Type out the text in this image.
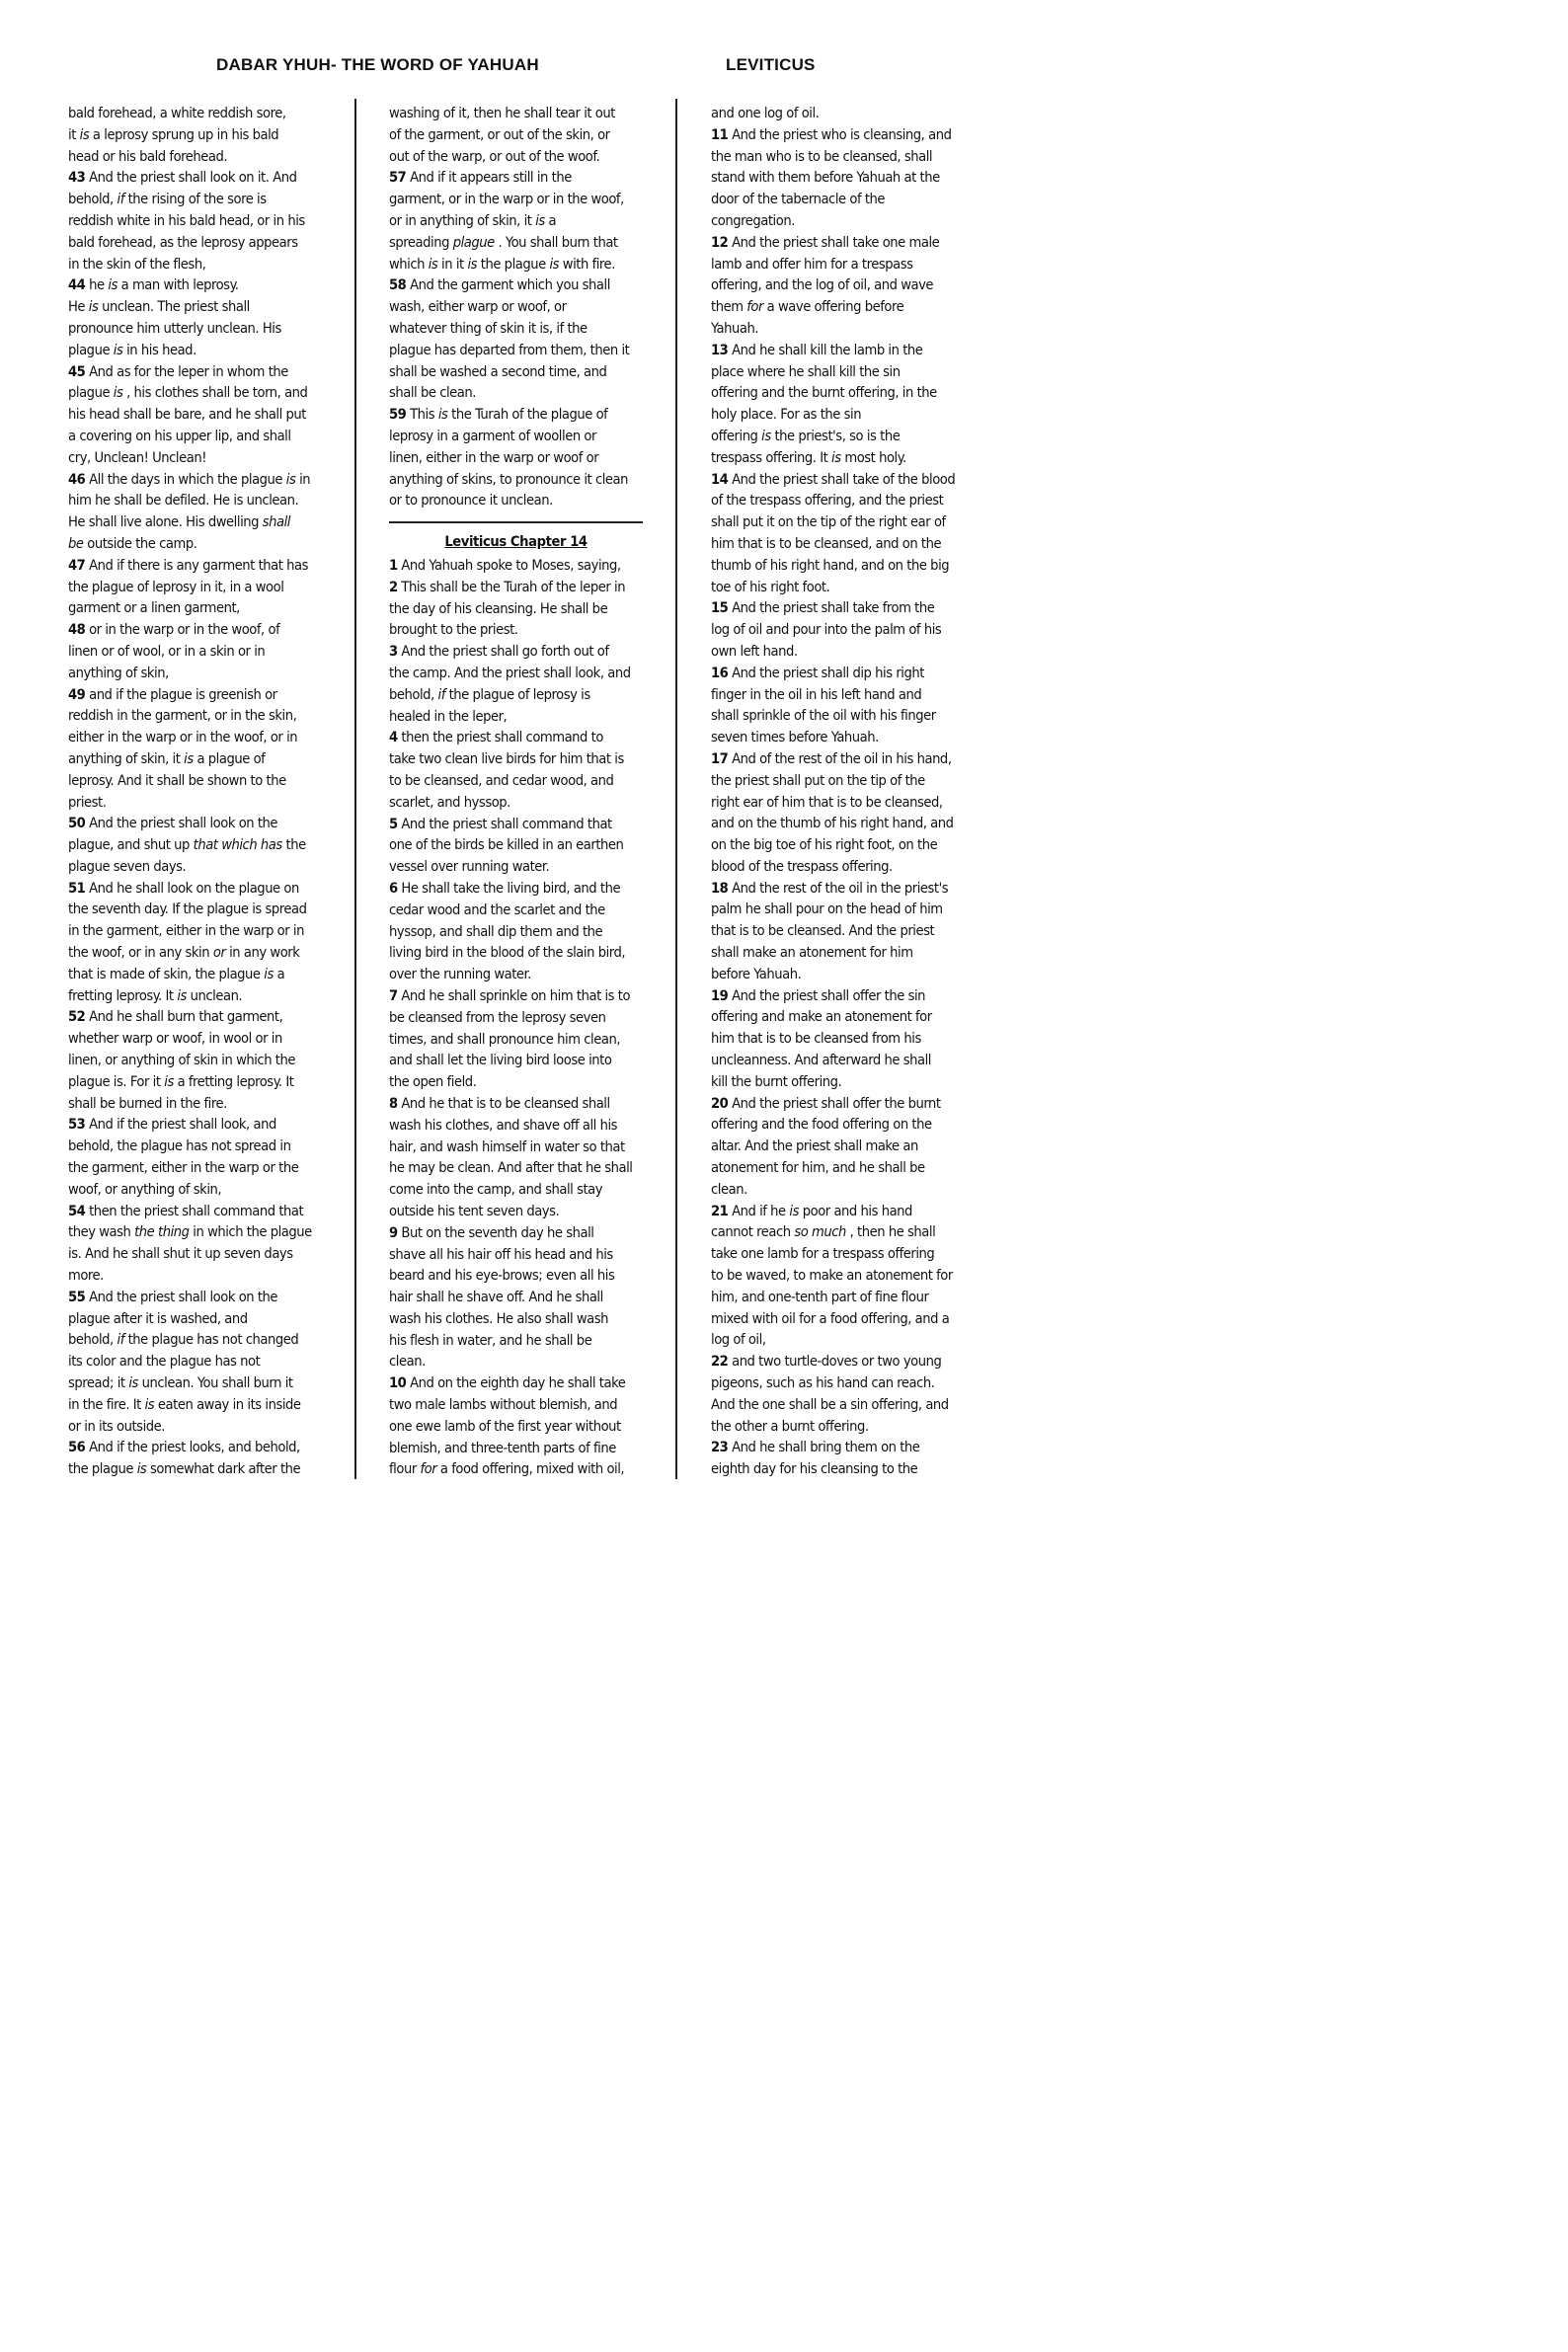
DABAR YHUH- THE WORD OF YAHUAH	LEVITICUS
bald forehead, a white reddish sore,
it is a leprosy sprung up in his bald
head or his bald forehead.
43 And the priest shall look on it. And
behold, if the rising of the sore is
reddish white in his bald head, or in his
bald forehead, as the leprosy appears
in the skin of the flesh,
44 he is a man with leprosy.
He is unclean. The priest shall
pronounce him utterly unclean. His
plague is in his head.
45 And as for the leper in whom the
plague is , his clothes shall be torn, and
his head shall be bare, and he shall put
a covering on his upper lip, and shall
cry, Unclean! Unclean!
46 All the days in which the plague is in
him he shall be defiled. He is unclean.
He shall live alone. His dwelling shall
be outside the camp.
47 And if there is any garment that has
the plague of leprosy in it, in a wool
garment or a linen garment,
48 or in the warp or in the woof, of
linen or of wool, or in a skin or in
anything of skin,
49 and if the plague is greenish or
reddish in the garment, or in the skin,
either in the warp or in the woof, or in
anything of skin, it is a plague of
leprosy. And it shall be shown to the
priest.
50 And the priest shall look on the
plague, and shut up that which has the
plague seven days.
51 And he shall look on the plague on
the seventh day. If the plague is spread
in the garment, either in the warp or in
the woof, or in any skin or in any work
that is made of skin, the plague is a
fretting leprosy. It is unclean.
52 And he shall burn that garment,
whether warp or woof, in wool or in
linen, or anything of skin in which the
plague is. For it is a fretting leprosy. It
shall be burned in the fire.
53 And if the priest shall look, and
behold, the plague has not spread in
the garment, either in the warp or the
woof, or anything of skin,
54 then the priest shall command that
they wash the thing in which the plague
is. And he shall shut it up seven days
more.
55 And the priest shall look on the
plague after it is washed, and
behold, if the plague has not changed
its color and the plague has not
spread; it is unclean. You shall burn it
in the fire. It is eaten away in its inside
or in its outside.
56 And if the priest looks, and behold,
the plague is somewhat dark after the
washing of it, then he shall tear it out
of the garment, or out of the skin, or
out of the warp, or out of the woof.
57 And if it appears still in the
garment, or in the warp or in the woof,
or in anything of skin, it is a
spreading plague . You shall burn that
which is in it is the plague is with fire.
58 And the garment which you shall
wash, either warp or woof, or
whatever thing of skin it is, if the
plague has departed from them, then it
shall be washed a second time, and
shall be clean.
59 This is the Turah of the plague of
leprosy in a garment of woollen or
linen, either in the warp or woof or
anything of skins, to pronounce it clean
or to pronounce it unclean.
Leviticus Chapter 14
1 And Yahuah spoke to Moses, saying,
2 This shall be the Turah of the leper in
the day of his cleansing. He shall be
brought to the priest.
3 And the priest shall go forth out of
the camp. And the priest shall look, and
behold, if the plague of leprosy is
healed in the leper,
4 then the priest shall command to
take two clean live birds for him that is
to be cleansed, and cedar wood, and
scarlet, and hyssop.
5 And the priest shall command that
one of the birds be killed in an earthen
vessel over running water.
6 He shall take the living bird, and the
cedar wood and the scarlet and the
hyssop, and shall dip them and the
living bird in the blood of the slain bird,
over the running water.
7 And he shall sprinkle on him that is to
be cleansed from the leprosy seven
times, and shall pronounce him clean,
and shall let the living bird loose into
the open field.
8 And he that is to be cleansed shall
wash his clothes, and shave off all his
hair, and wash himself in water so that
he may be clean. And after that he shall
come into the camp, and shall stay
outside his tent seven days.
9 But on the seventh day he shall
shave all his hair off his head and his
beard and his eye-brows; even all his
hair shall he shave off. And he shall
wash his clothes. He also shall wash
his flesh in water, and he shall be
clean.
10 And on the eighth day he shall take
two male lambs without blemish, and
one ewe lamb of the first year without
blemish, and three-tenth parts of fine
flour for a food offering, mixed with oil,
and one log of oil.
11 And the priest who is cleansing, and
the man who is to be cleansed, shall
stand with them before Yahuah at the
door of the tabernacle of the
congregation.
12 And the priest shall take one male
lamb and offer him for a trespass
offering, and the log of oil, and wave
them for a wave offering before
Yahuah.
13 And he shall kill the lamb in the
place where he shall kill the sin
offering and the burnt offering, in the
holy place. For as the sin
offering is the priest's, so is the
trespass offering. It is most holy.
14 And the priest shall take of the blood
of the trespass offering, and the priest
shall put it on the tip of the right ear of
him that is to be cleansed, and on the
thumb of his right hand, and on the big
toe of his right foot.
15 And the priest shall take from the
log of oil and pour into the palm of his
own left hand.
16 And the priest shall dip his right
finger in the oil in his left hand and
shall sprinkle of the oil with his finger
seven times before Yahuah.
17 And of the rest of the oil in his hand,
the priest shall put on the tip of the
right ear of him that is to be cleansed,
and on the thumb of his right hand, and
on the big toe of his right foot, on the
blood of the trespass offering.
18 And the rest of the oil in the priest's
palm he shall pour on the head of him
that is to be cleansed. And the priest
shall make an atonement for him
before Yahuah.
19 And the priest shall offer the sin
offering and make an atonement for
him that is to be cleansed from his
uncleanness. And afterward he shall
kill the burnt offering.
20 And the priest shall offer the burnt
offering and the food offering on the
altar. And the priest shall make an
atonement for him, and he shall be
clean.
21 And if he is poor and his hand
cannot reach so much , then he shall
take one lamb for a trespass offering
to be waved, to make an atonement for
him, and one-tenth part of fine flour
mixed with oil for a food offering, and a
log of oil,
22 and two turtle-doves or two young
pigeons, such as his hand can reach.
And the one shall be a sin offering, and
the other a burnt offering.
23 And he shall bring them on the
eighth day for his cleansing to the
